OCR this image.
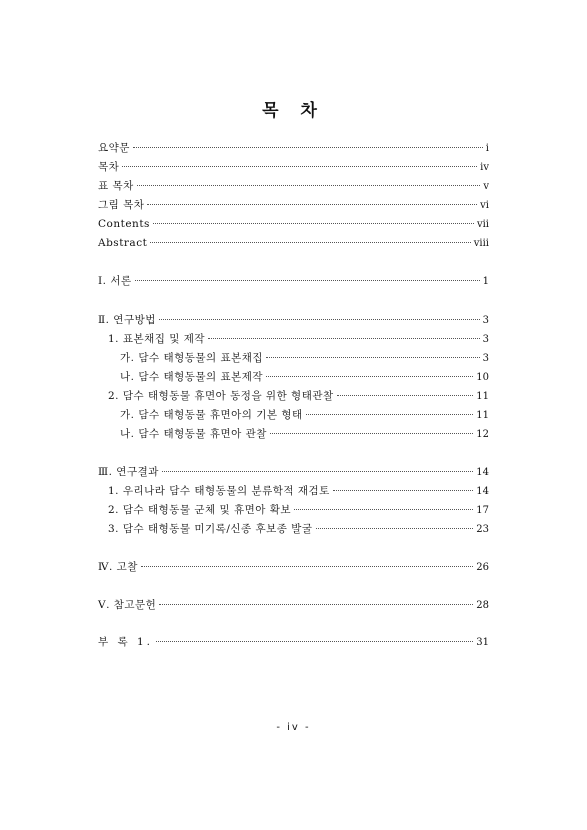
목 차
요약문	i
목차	iv
표 목차	v
그림 목차	vi
Contents	vii
Abstract	viii
Ⅰ. 서론	1
Ⅱ. 연구방법	3
1. 표본채집 및 제작	3
가. 담수 태형동물의 표본채집	3
나. 담수 태형동물의 표본제작	10
2. 담수 태형동물 휴면아 동정을 위한 형태관찰	11
가. 담수 태형동물 휴면아의 기본 형태	11
나. 담수 태형동물 휴면아 관찰	12
Ⅲ. 연구결과	14
1. 우리나라 담수 태형동물의 분류학적 재검토	14
2. 담수 태형동물 군체 및 휴면아 확보	17
3. 담수 태형동물 미기록/신종 후보종 발굴	23
Ⅳ. 고찰	26
Ⅴ. 참고문헌	28
부 록 1.	31
- iv -
